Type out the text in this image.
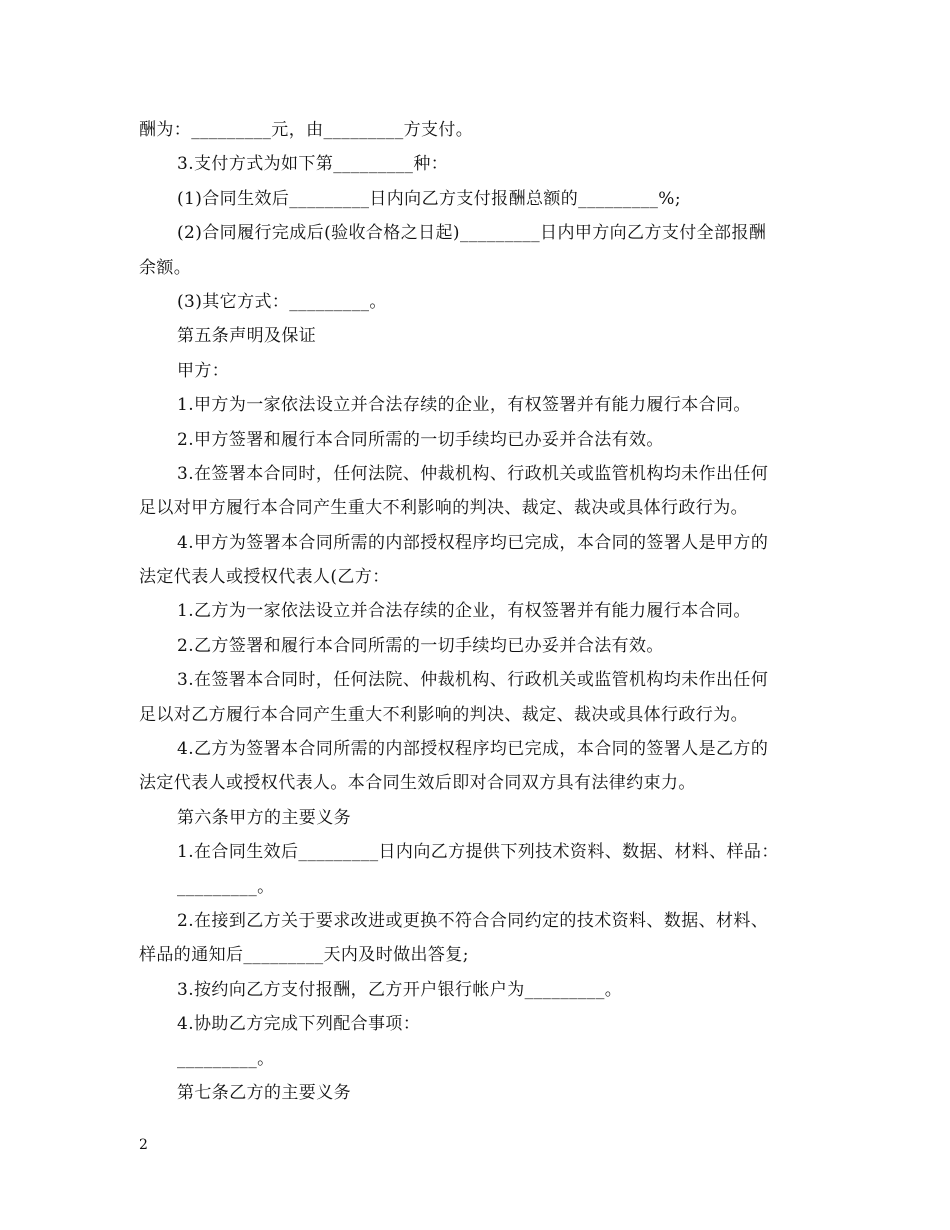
酬为：_________元，由_________方支付。
3.支付方式为如下第_________种：
(1)合同生效后_________日内向乙方支付报酬总额的_________%;
(2)合同履行完成后(验收合格之日起)_________日内甲方向乙方支付全部报酬
余额。
(3)其它方式：_________。
第五条声明及保证
甲方：
1.甲方为一家依法设立并合法存续的企业，有权签署并有能力履行本合同。
2.甲方签署和履行本合同所需的一切手续均已办妥并合法有效。
3.在签署本合同时，任何法院、仲裁机构、行政机关或监管机构均未作出任何
足以对甲方履行本合同产生重大不利影响的判决、裁定、裁决或具体行政行为。
4.甲方为签署本合同所需的内部授权程序均已完成，本合同的签署人是甲方的
法定代表人或授权代表人(乙方：
1.乙方为一家依法设立并合法存续的企业，有权签署并有能力履行本合同。
2.乙方签署和履行本合同所需的一切手续均已办妥并合法有效。
3.在签署本合同时，任何法院、仲裁机构、行政机关或监管机构均未作出任何
足以对乙方履行本合同产生重大不利影响的判决、裁定、裁决或具体行政行为。
4.乙方为签署本合同所需的内部授权程序均已完成，本合同的签署人是乙方的
法定代表人或授权代表人。本合同生效后即对合同双方具有法律约束力。
第六条甲方的主要义务
1.在合同生效后_________日内向乙方提供下列技术资料、数据、材料、样品：
_________。
2.在接到乙方关于要求改进或更换不符合合同约定的技术资料、数据、材料、
样品的通知后_________天内及时做出答复;
3.按约向乙方支付报酬，乙方开户银行帐户为_________。
4.协助乙方完成下列配合事项：
_________。
第七条乙方的主要义务
2
